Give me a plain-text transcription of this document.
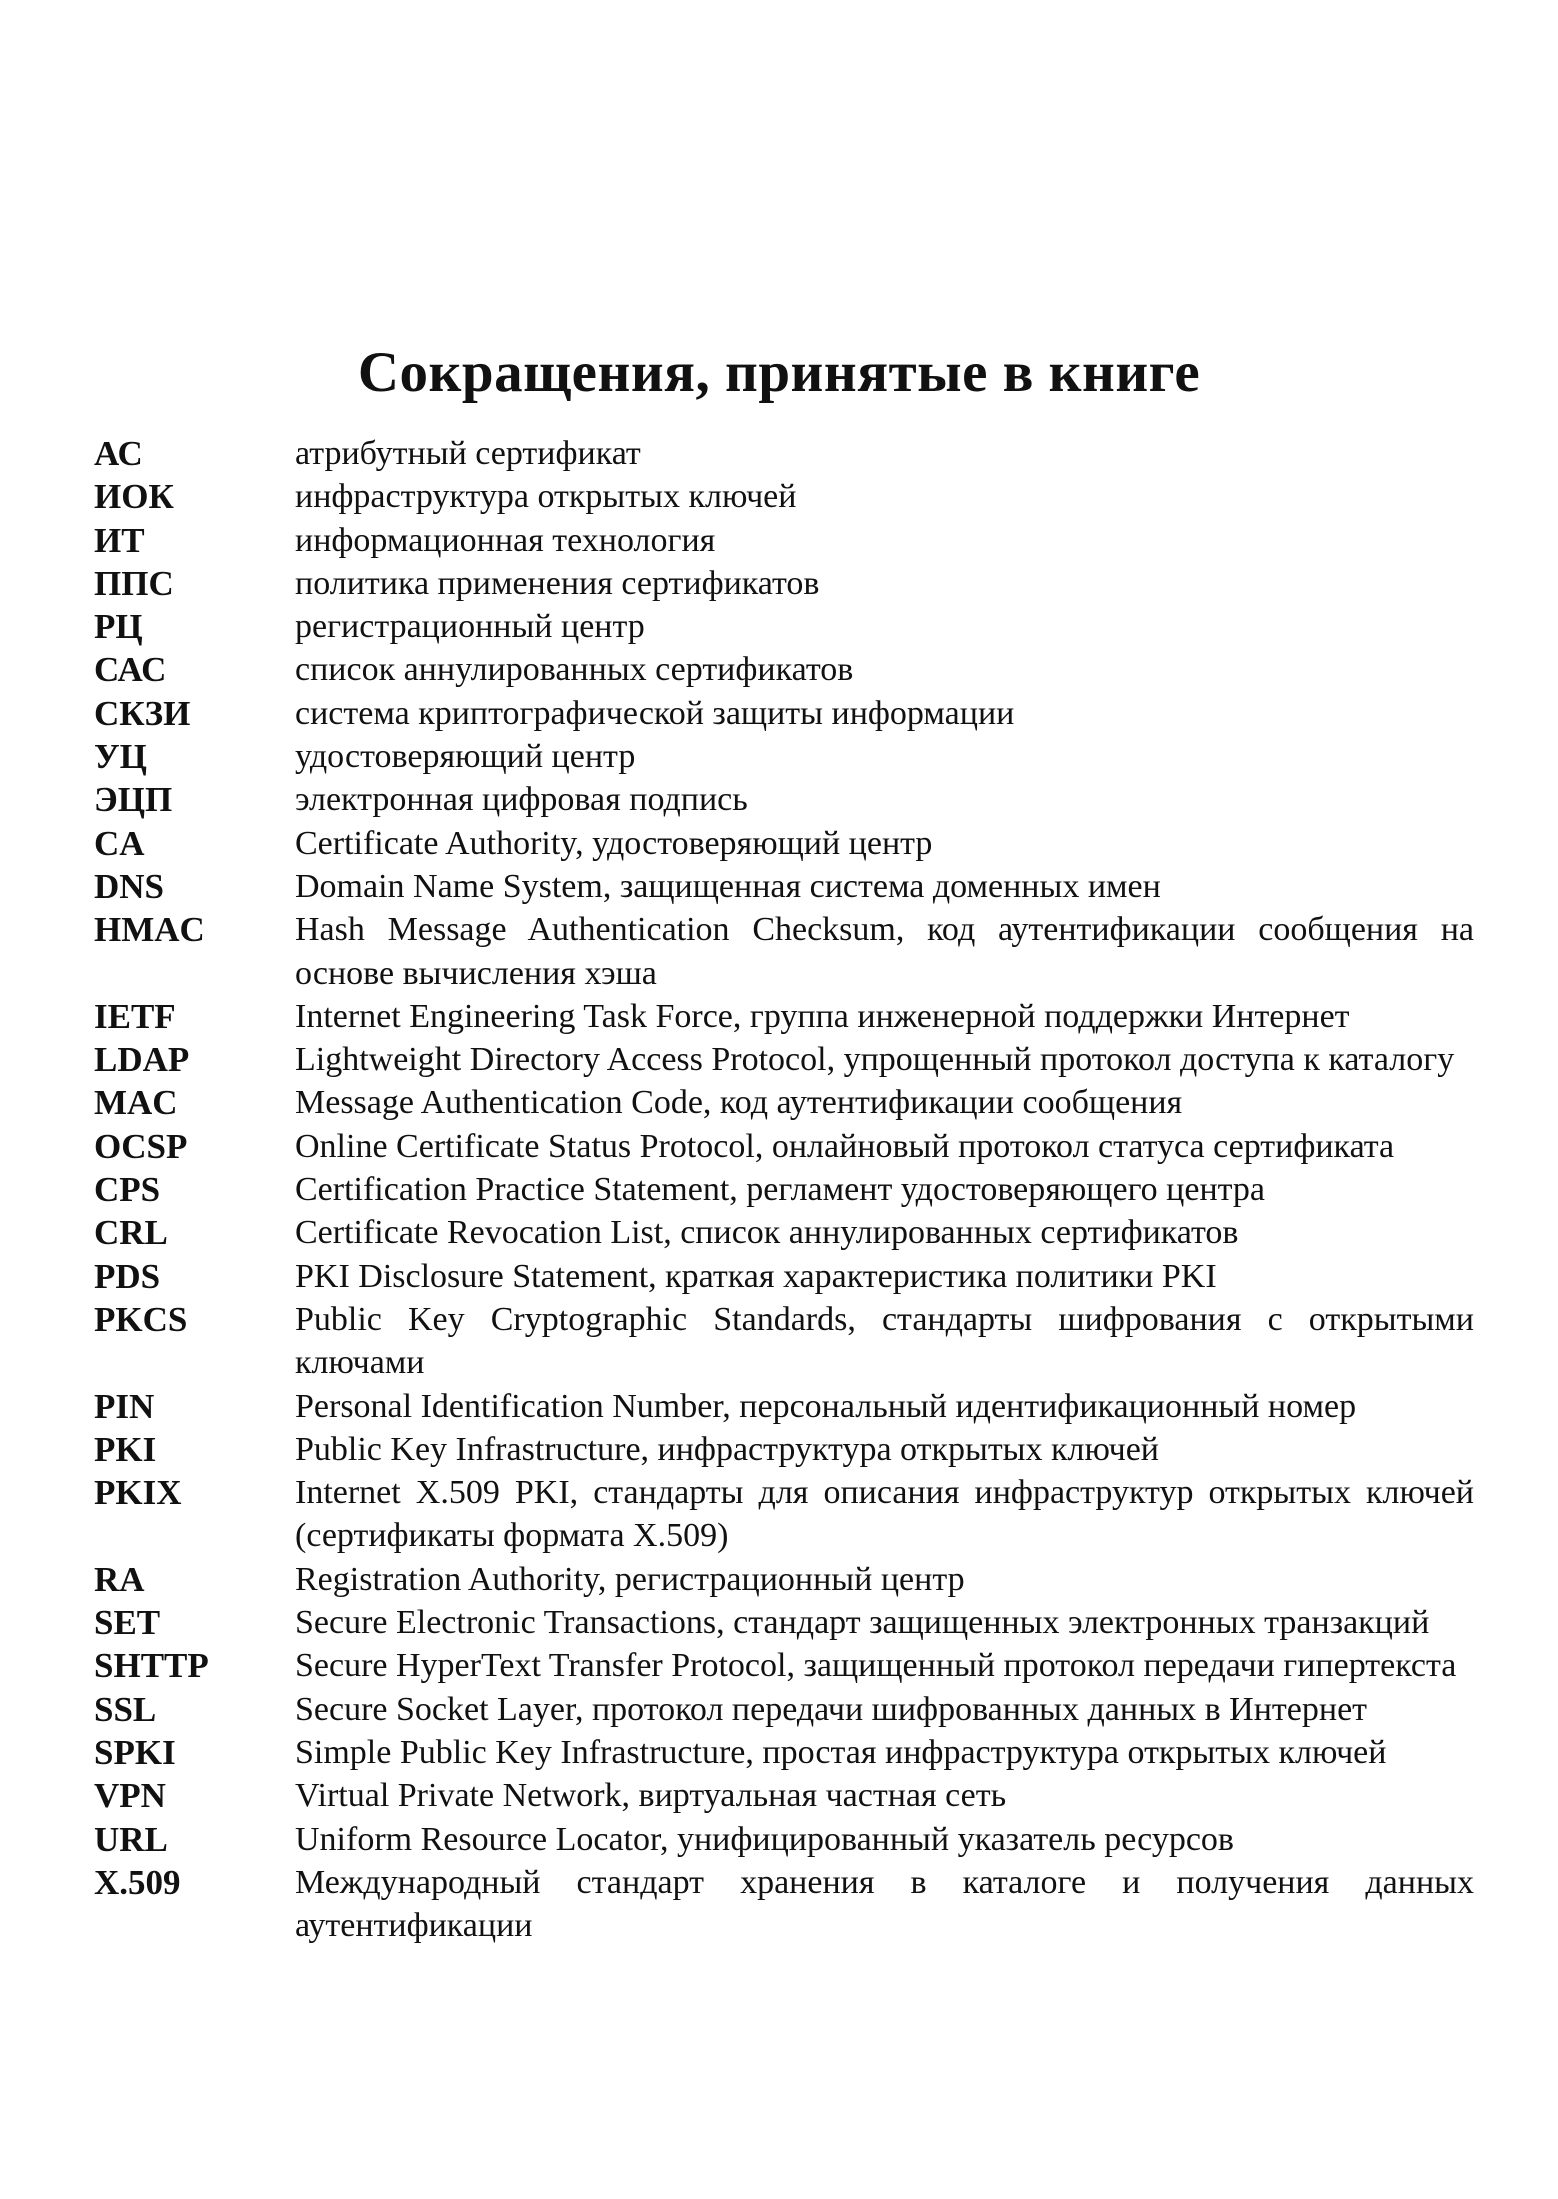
Сокращения, принятые в книге
АС	атрибутный сертификат
ИОК	инфраструктура открытых ключей
ИТ	информационная технология
ППС	политика применения сертификатов
РЦ	регистрационный центр
САС	список аннулированных сертификатов
СКЗИ	система криптографической защиты информации
УЦ	удостоверяющий центр
ЭЦП	электронная цифровая подпись
CA	Certificate Authority, удостоверяющий центр
DNS	Domain Name System, защищенная система доменных имен
HMAC	Hash Message Authentication Checksum, код аутентификации сообщения на основе вычисления хэша
IETF	Internet Engineering Task Force, группа инженерной поддержки Интернет
LDAP	Lightweight Directory Access Protocol, упрощенный протокол доступа к каталогу
MAC	Message Authentication Code, код аутентификации сообщения
OCSP	Online Certificate Status Protocol, онлайновый протокол статуса сертификата
CPS	Certification Practice Statement, регламент удостоверяющего центра
CRL	Certificate Revocation List, список аннулированных сертификатов
PDS	PKI Disclosure Statement, краткая характеристика политики PKI
PKCS	Public Key Cryptographic Standards, стандарты шифрования с открытыми ключами
PIN	Personal Identification Number, персональный идентификационный номер
PKI	Public Key Infrastructure, инфраструктура открытых ключей
PKIX	Internet X.509 PKI, стандарты для описания инфраструктур открытых ключей (сертификаты формата X.509)
RA	Registration Authority, регистрационный центр
SET	Secure Electronic Transactions, стандарт защищенных электронных транзакций
SHTTP	Secure HyperText Transfer Protocol, защищенный протокол передачи гипертекста
SSL	Secure Socket Layer, протокол передачи шифрованных данных в Интернет
SPKI	Simple Public Key Infrastructure, простая инфраструктура открытых ключей
VPN	Virtual Private Network, виртуальная частная сеть
URL	Uniform Resource Locator, унифицированный указатель ресурсов
X.509	Международный стандарт хранения в каталоге и получения данных аутентификации
